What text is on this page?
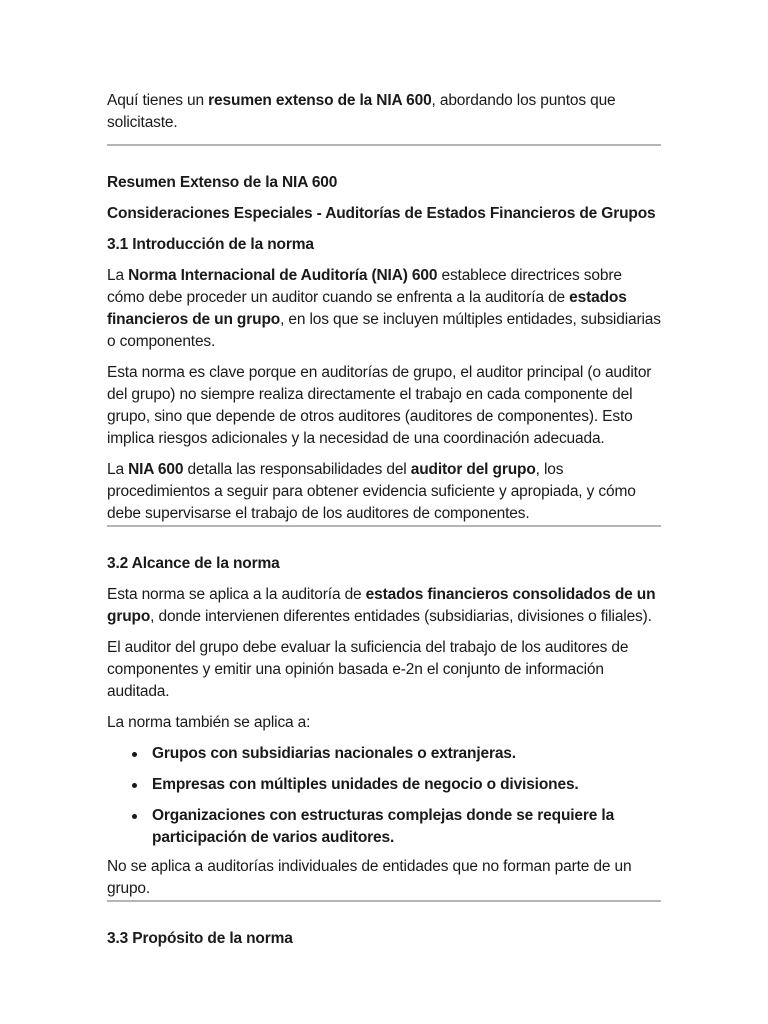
Aquí tienes un resumen extenso de la NIA 600, abordando los puntos que solicitaste.

Resumen Extenso de la NIA 600

Consideraciones Especiales - Auditorías de Estados Financieros de Grupos

3.1 Introducción de la norma

La Norma Internacional de Auditoría (NIA) 600 establece directrices sobre cómo debe proceder un auditor cuando se enfrenta a la auditoría de estados financieros de un grupo, en los que se incluyen múltiples entidades, subsidiarias o componentes.

Esta norma es clave porque en auditorías de grupo, el auditor principal (o auditor del grupo) no siempre realiza directamente el trabajo en cada componente del grupo, sino que depende de otros auditores (auditores de componentes). Esto implica riesgos adicionales y la necesidad de una coordinación adecuada.

La NIA 600 detalla las responsabilidades del auditor del grupo, los procedimientos a seguir para obtener evidencia suficiente y apropiada, y cómo debe supervisarse el trabajo de los auditores de componentes.

3.2 Alcance de la norma

Esta norma se aplica a la auditoría de estados financieros consolidados de un grupo, donde intervienen diferentes entidades (subsidiarias, divisiones o filiales).

El auditor del grupo debe evaluar la suficiencia del trabajo de los auditores de componentes y emitir una opinión basada e-2n el conjunto de información auditada.

La norma también se aplica a:

Grupos con subsidiarias nacionales o extranjeras.
Empresas con múltiples unidades de negocio o divisiones.
Organizaciones con estructuras complejas donde se requiere la participación de varios auditores.

No se aplica a auditorías individuales de entidades que no forman parte de un grupo.

3.3 Propósito de la norma
